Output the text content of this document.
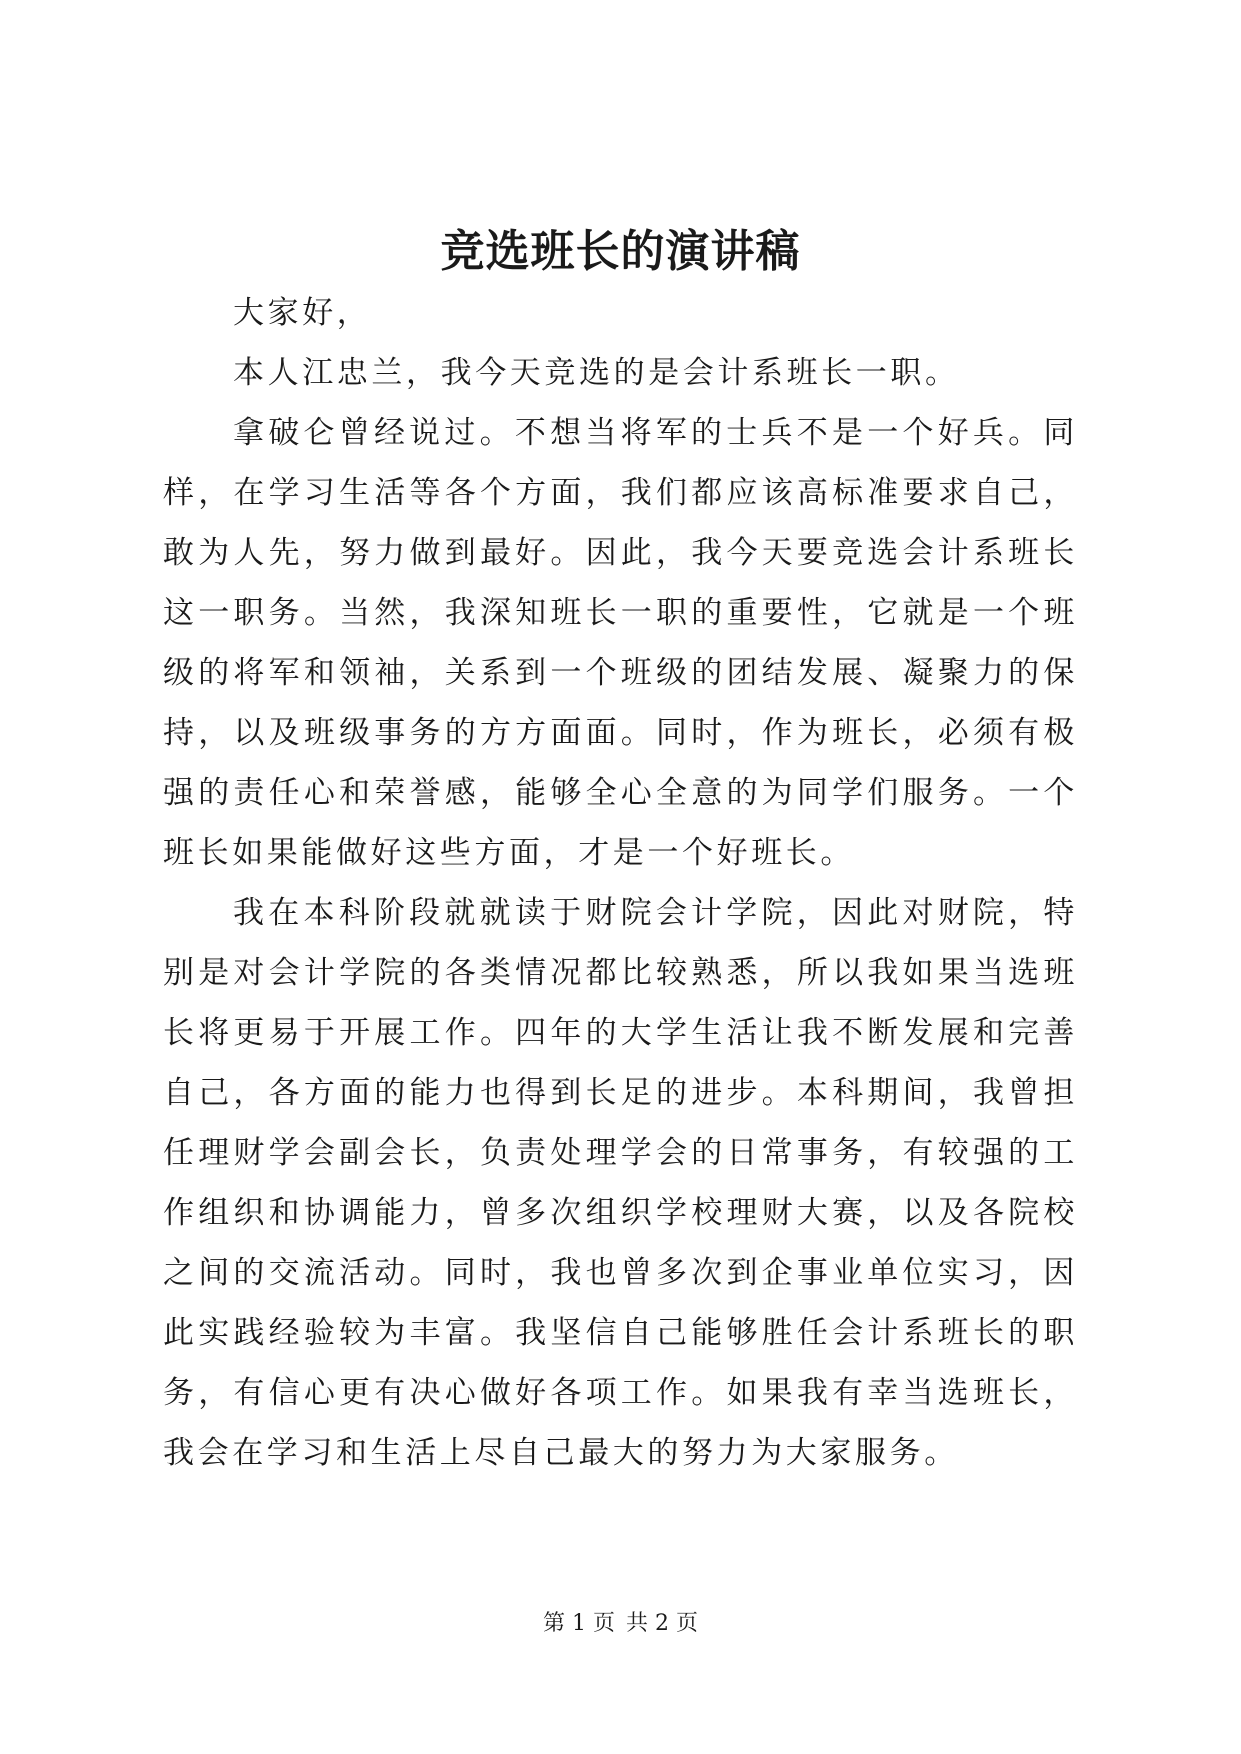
竞选班长的演讲稿

大家好，

本人江忠兰，我今天竞选的是会计系班长一职。

拿破仑曾经说过。不想当将军的士兵不是一个好兵。同样，在学习生活等各个方面，我们都应该高标准要求自己，敢为人先，努力做到最好。因此，我今天要竞选会计系班长这一职务。当然，我深知班长一职的重要性，它就是一个班级的将军和领袖，关系到一个班级的团结发展、凝聚力的保持，以及班级事务的方方面面。同时，作为班长，必须有极强的责任心和荣誉感，能够全心全意的为同学们服务。一个班长如果能做好这些方面，才是一个好班长。

我在本科阶段就就读于财院会计学院，因此对财院，特别是对会计学院的各类情况都比较熟悉，所以我如果当选班长将更易于开展工作。四年的大学生活让我不断发展和完善自己，各方面的能力也得到长足的进步。本科期间，我曾担任理财学会副会长，负责处理学会的日常事务，有较强的工作组织和协调能力，曾多次组织学校理财大赛，以及各院校之间的交流活动。同时，我也曾多次到企事业单位实习，因此实践经验较为丰富。我坚信自己能够胜任会计系班长的职务，有信心更有决心做好各项工作。如果我有幸当选班长，我会在学习和生活上尽自己最大的努力为大家服务。

第 1 页 共 2 页
